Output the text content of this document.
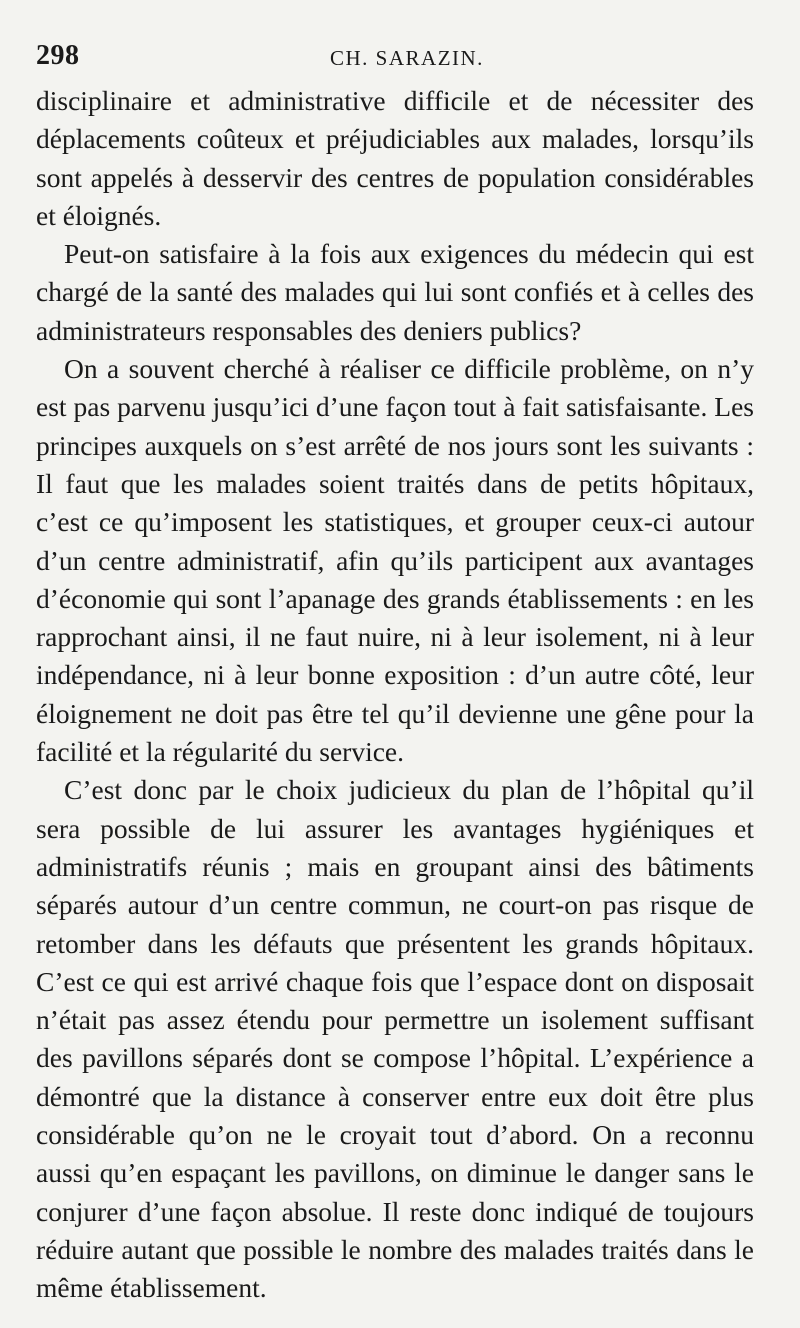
298	CH. SARAZIN.

disciplinaire et administrative difficile et de nécessiter des déplacements coûteux et préjudiciables aux malades, lorsqu’ils sont appelés à desservir des centres de population considérables et éloignés.

Peut-on satisfaire à la fois aux exigences du médecin qui est chargé de la santé des malades qui lui sont confiés et à celles des administrateurs responsables des deniers publics?

On a souvent cherché à réaliser ce difficile problème, on n’y est pas parvenu jusqu’ici d’une façon tout à fait satisfaisante. Les principes auxquels on s’est arrêté de nos jours sont les suivants : Il faut que les malades soient traités dans de petits hôpitaux, c’est ce qu’imposent les statistiques, et grouper ceux-ci autour d’un centre administratif, afin qu’ils participent aux avantages d’économie qui sont l’apanage des grands établissements : en les rapprochant ainsi, il ne faut nuire, ni à leur isolement, ni à leur indépendance, ni à leur bonne exposition : d’un autre côté, leur éloignement ne doit pas être tel qu’il devienne une gêne pour la facilité et la régularité du service.

C’est donc par le choix judicieux du plan de l’hôpital qu’il sera possible de lui assurer les avantages hygiéniques et administratifs réunis ; mais en groupant ainsi des bâtiments séparés autour d’un centre commun, ne court-on pas risque de retomber dans les défauts que présentent les grands hôpitaux. C’est ce qui est arrivé chaque fois que l’espace dont on disposait n’était pas assez étendu pour permettre un isolement suffisant des pavillons séparés dont se compose l’hôpital. L’expérience a démontré que la distance à conserver entre eux doit être plus considérable qu’on ne le croyait tout d’abord. On a reconnu aussi qu’en espaçant les pavillons, on diminue le danger sans le conjurer d’une façon absolue. Il reste donc indiqué de toujours réduire autant que possible le nombre des malades traités dans le même établissement.
